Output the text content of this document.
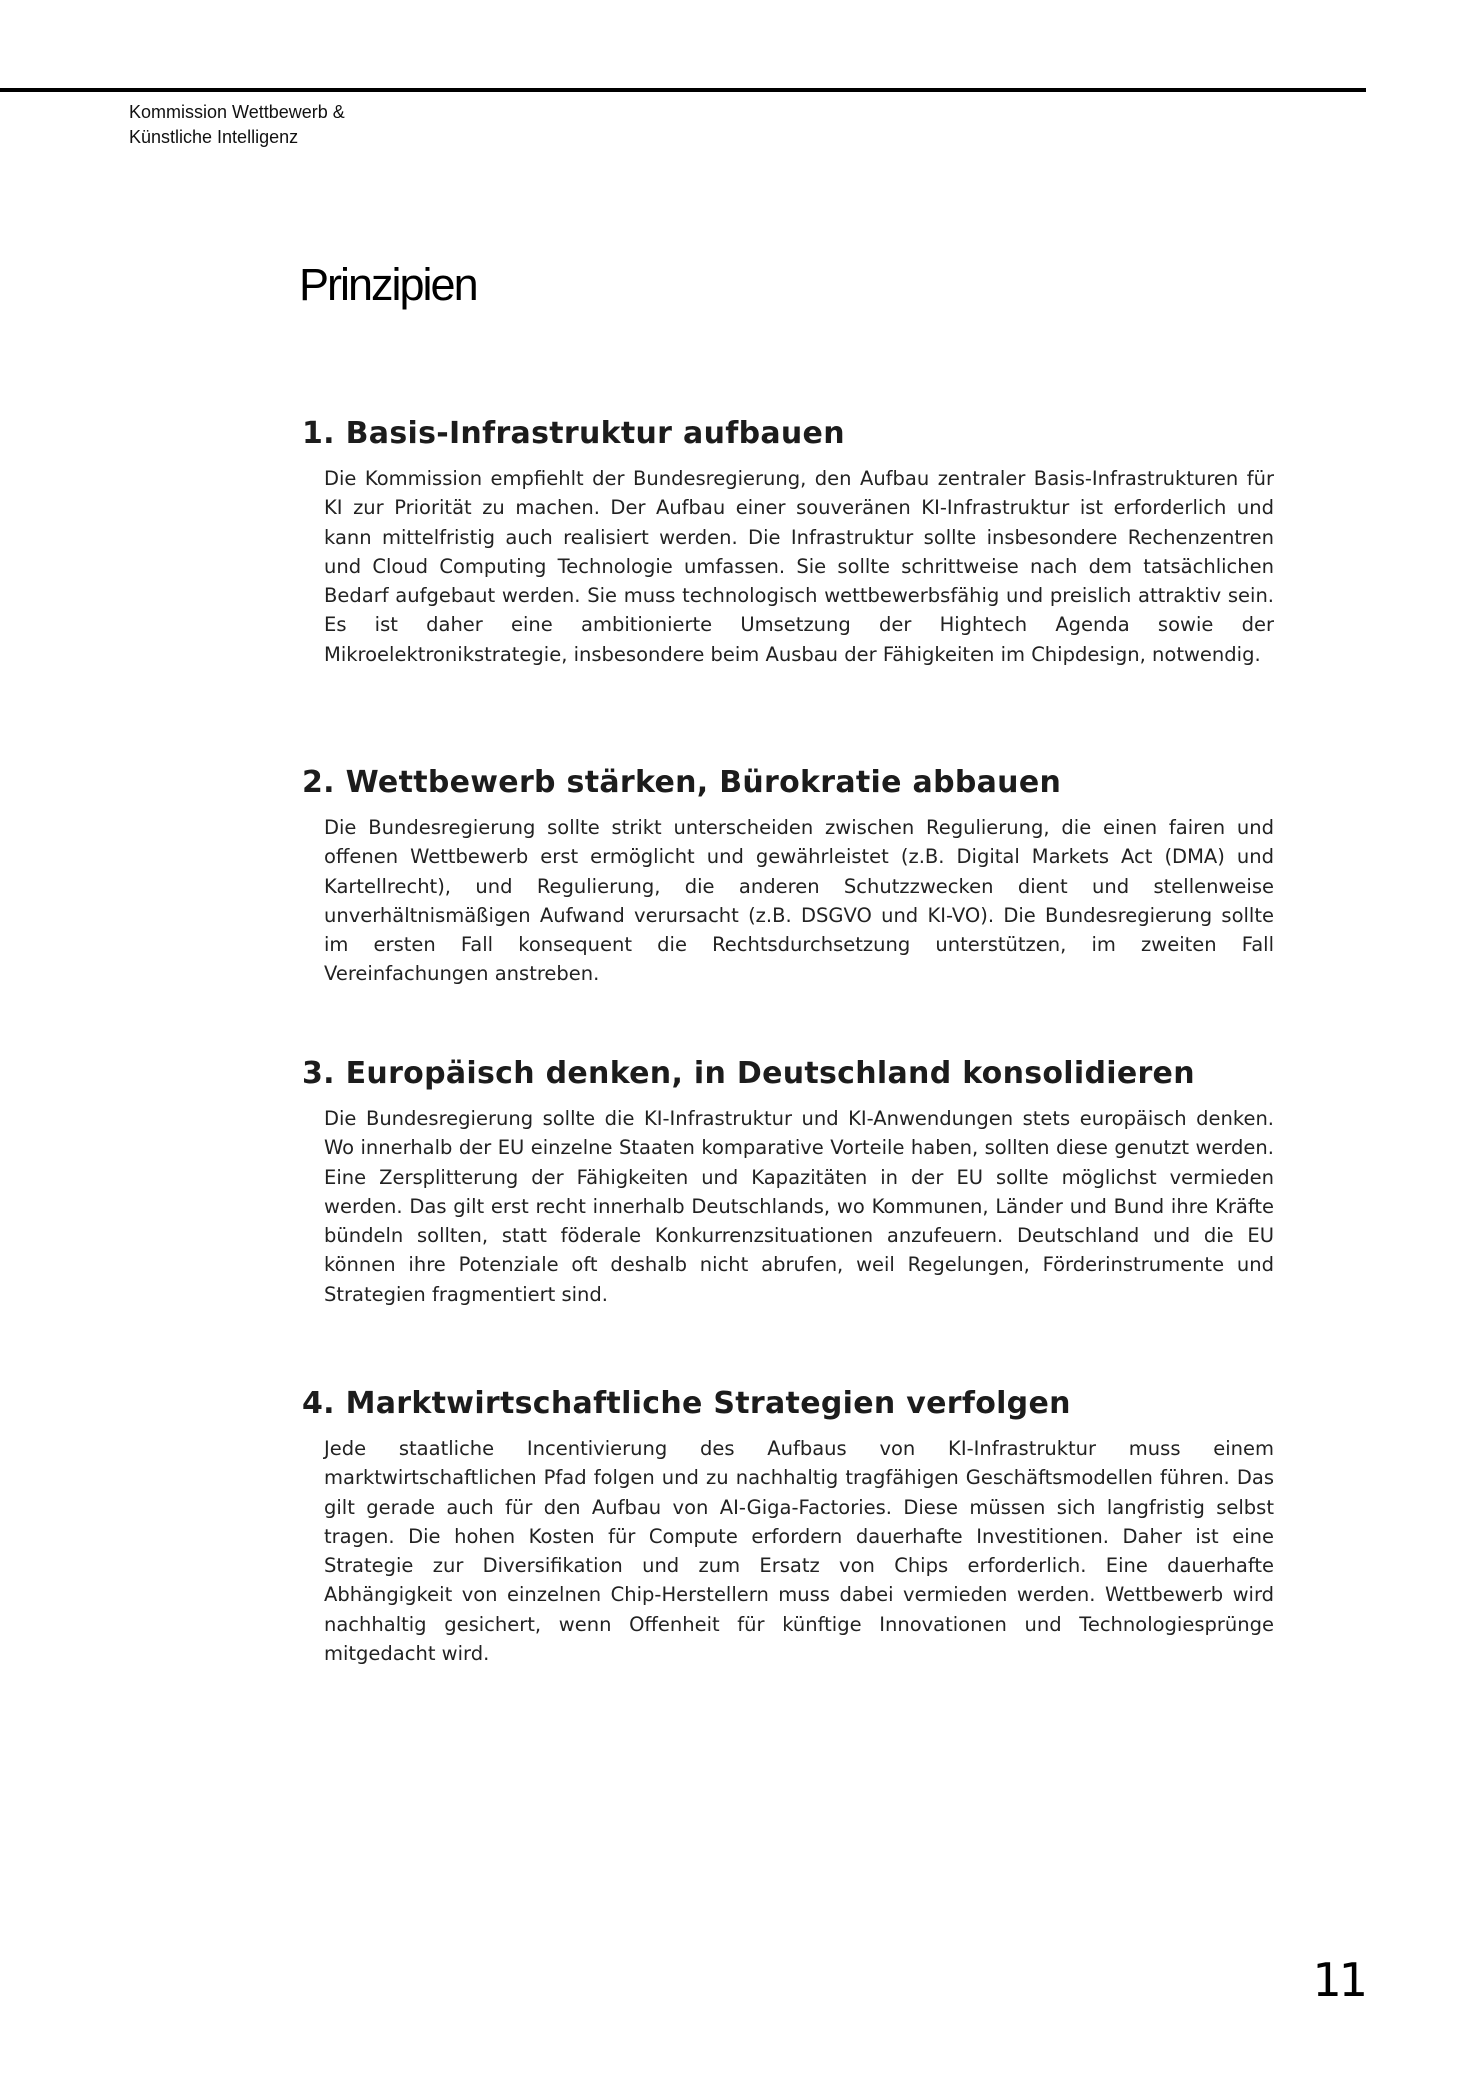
Kommission Wettbewerb &
Künstliche Intelligenz
Prinzipien
1. Basis-Infrastruktur aufbauen

Die Kommission empfiehlt der Bundesregierung, den Aufbau zentraler Basis-Infrastrukturen für KI zur Priorität zu machen. Der Aufbau einer souveränen KI-Infrastruktur ist erforderlich und kann mittelfristig auch realisiert werden. Die Infrastruktur sollte insbesondere Rechenzentren und Cloud Computing Technologie umfassen. Sie sollte schrittweise nach dem tatsächlichen Bedarf aufgebaut werden. Sie muss technologisch wettbewerbsfähig und preislich attraktiv sein. Es ist daher eine ambitionierte Umsetzung der Hightech Agenda sowie der Mikroelektronikstrategie, insbesondere beim Ausbau der Fähigkeiten im Chipdesign, notwendig.

2. Wettbewerb stärken, Bürokratie abbauen

Die Bundesregierung sollte strikt unterscheiden zwischen Regulierung, die einen fairen und offenen Wettbewerb erst ermöglicht und gewährleistet (z.B. Digital Markets Act (DMA) und Kartellrecht), und Regulierung, die anderen Schutzzwecken dient und stellenweise unverhältnismäßigen Aufwand verursacht (z.B. DSGVO und KI-VO). Die Bundesregierung sollte im ersten Fall konsequent die Rechtsdurchsetzung unterstützen, im zweiten Fall Vereinfachungen anstreben.

3. Europäisch denken, in Deutschland konsolidieren

Die Bundesregierung sollte die KI-Infrastruktur und KI-Anwendungen stets europäisch denken. Wo innerhalb der EU einzelne Staaten komparative Vorteile haben, sollten diese genutzt werden. Eine Zersplitterung der Fähigkeiten und Kapazitäten in der EU sollte möglichst vermieden werden. Das gilt erst recht innerhalb Deutschlands, wo Kommunen, Länder und Bund ihre Kräfte bündeln sollten, statt föderale Konkurrenzsituationen anzufeuern. Deutschland und die EU können ihre Potenziale oft deshalb nicht abrufen, weil Regelungen, Förderinstrumente und Strategien fragmentiert sind.

4. Marktwirtschaftliche Strategien verfolgen

Jede staatliche Incentivierung des Aufbaus von KI-Infrastruktur muss einem marktwirtschaftlichen Pfad folgen und zu nachhaltig tragfähigen Geschäftsmodellen führen. Das gilt gerade auch für den Aufbau von AI-Giga-Factories. Diese müssen sich langfristig selbst tragen. Die hohen Kosten für Compute erfordern dauerhafte Investitionen. Daher ist eine Strategie zur Diversifikation und zum Ersatz von Chips erforderlich. Eine dauerhafte Abhängigkeit von einzelnen Chip-Herstellern muss dabei vermieden werden. Wettbewerb wird nachhaltig gesichert, wenn Offenheit für künftige Innovationen und Technologiesprünge mitgedacht wird.

11
